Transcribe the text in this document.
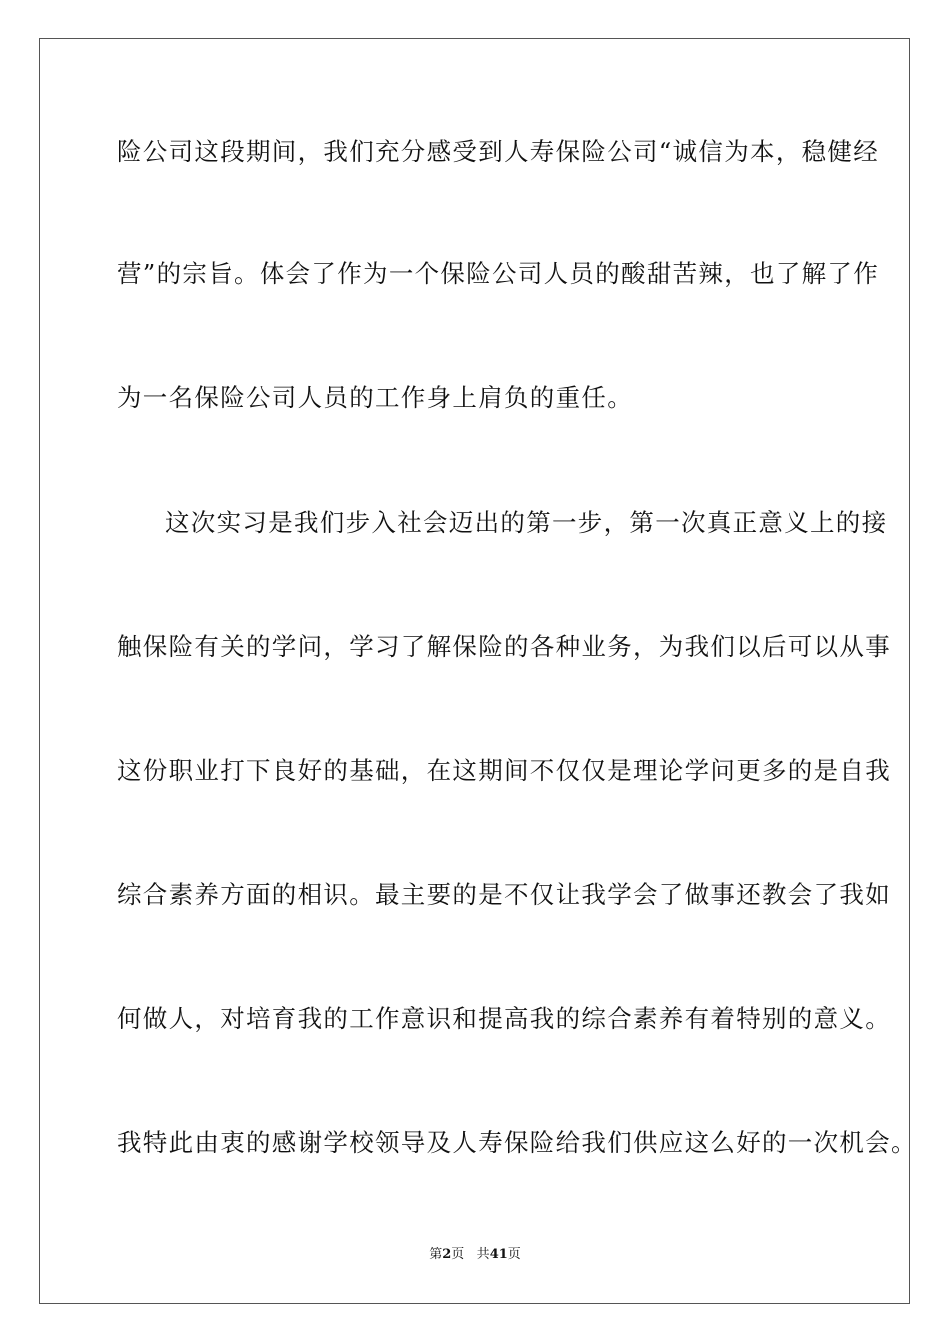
险公司这段期间，我们充分感受到人寿保险公司“诚信为本，稳健经
营”的宗旨。体会了作为一个保险公司人员的酸甜苦辣，也了解了作
为一名保险公司人员的工作身上肩负的重任。
这次实习是我们步入社会迈出的第一步，第一次真正意义上的接
触保险有关的学问，学习了解保险的各种业务，为我们以后可以从事
这份职业打下良好的基础，在这期间不仅仅是理论学问更多的是自我
综合素养方面的相识。最主要的是不仅让我学会了做事还教会了我如
何做人，对培育我的工作意识和提高我的综合素养有着特别的意义。
我特此由衷的感谢学校领导及人寿保险给我们供应这么好的一次机会。
第2页 共41页
